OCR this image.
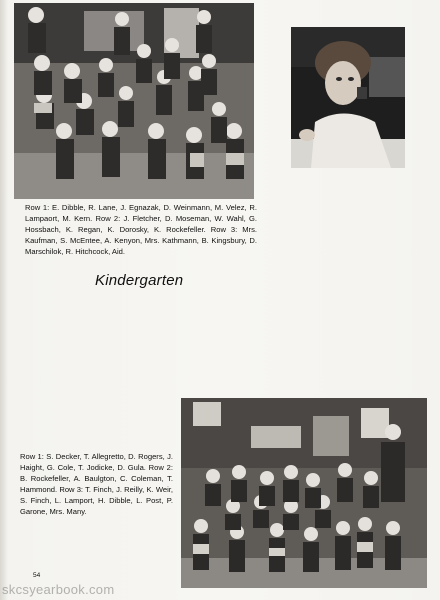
Row 1: E. Dibble, R. Lane, J. Egnazak, D. Weinmann, M. Velez, R. Lampaort, M. Kern. Row 2: J. Fletcher, D. Moseman, W. Wahl, G. Hossbach, K. Regan, K. Dorosky, K. Rockefeller. Row 3: Mrs. Kaufman, S. McEntee, A. Kenyon, Mrs. Kathmann, B. Kingsbury, D. Marschilok, R. Hitchcock, Aid.
Kindergarten
Row 1: S. Decker, T. Allegretto, D. Rogers, J. Haight, G. Cole, T. Jodicke, D. Gula. Row 2: B. Rockefeller, A. Baulgton, C. Coleman, T. Hammond. Row 3: T. Finch, J. Reilly, K. Weir, S. Finch, L. Lamport, H. Dibble, L. Post, P. Garone, Mrs. Many.
54
skcsyearbook.com
